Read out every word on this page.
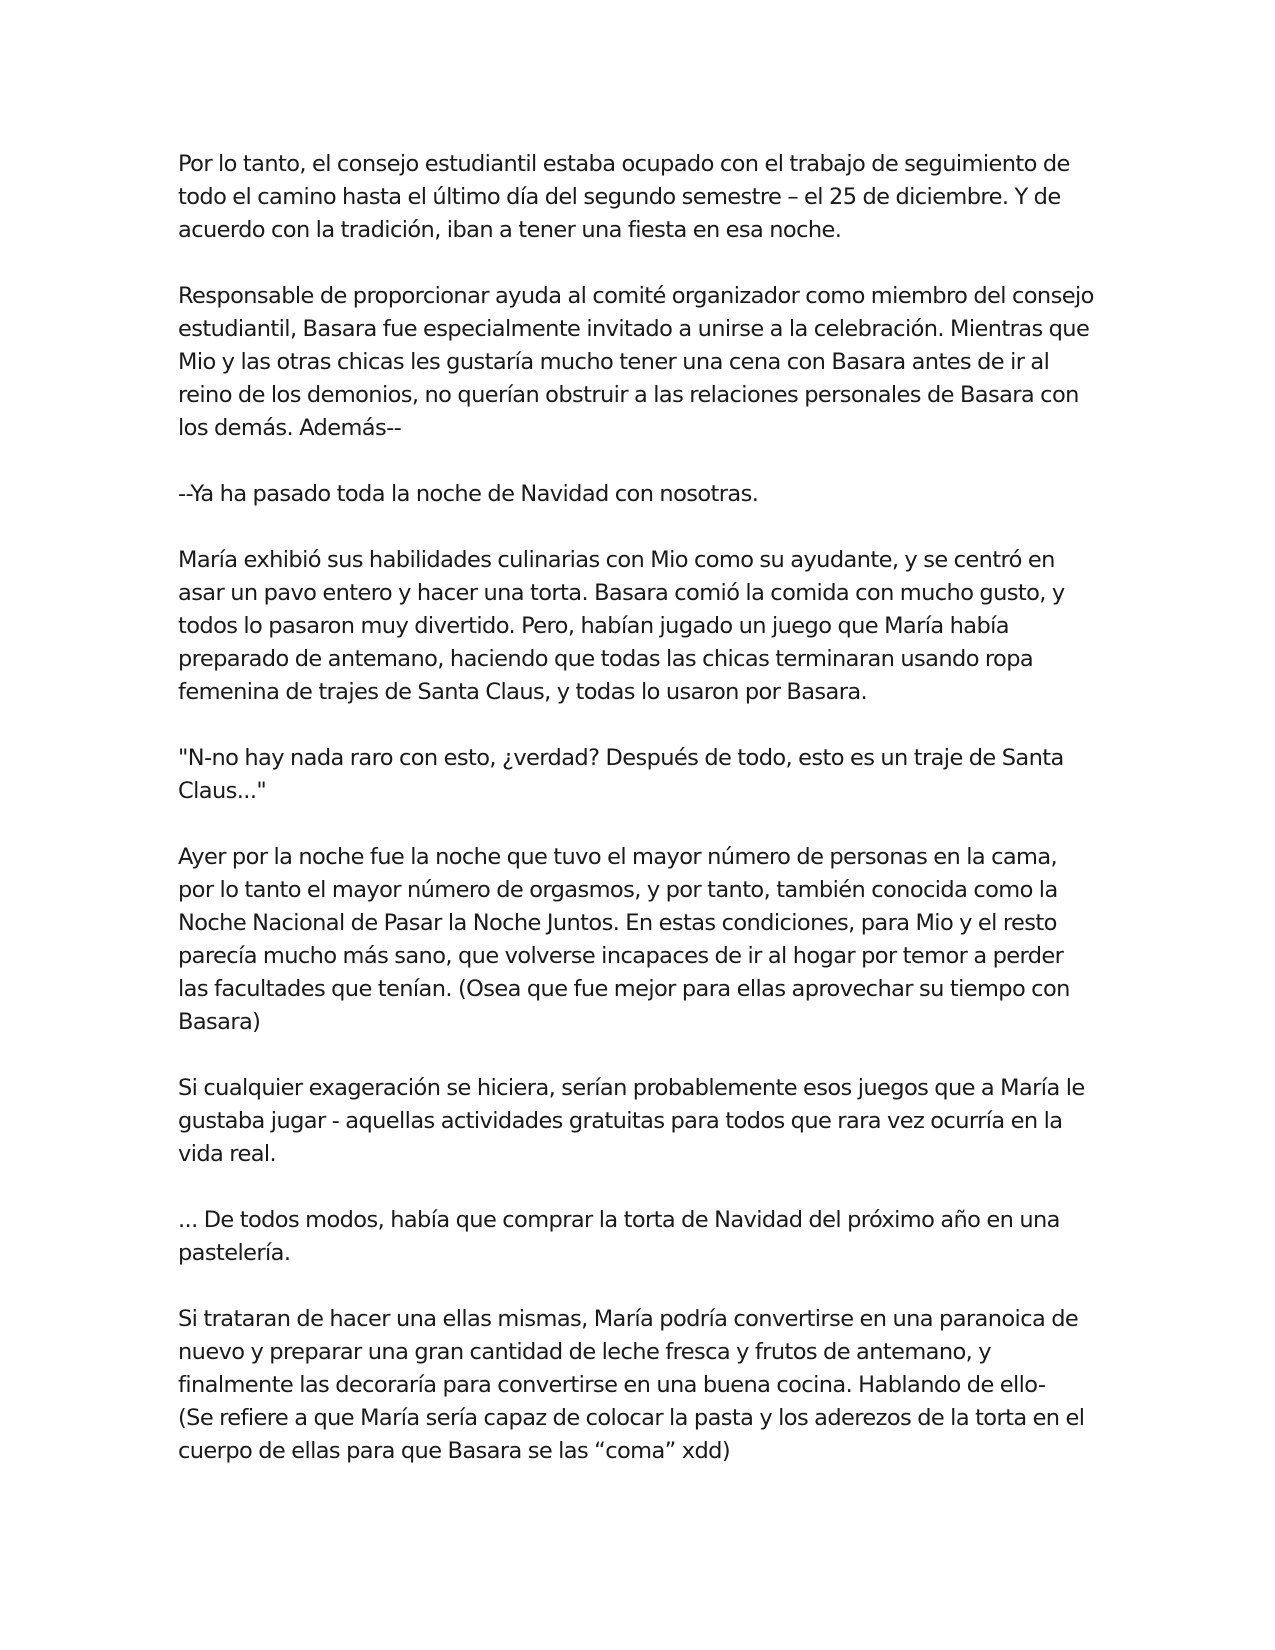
Por lo tanto, el consejo estudiantil estaba ocupado con el trabajo de seguimiento de todo el camino hasta el último día del segundo semestre – el 25 de diciembre. Y de acuerdo con la tradición, iban a tener una fiesta en esa noche.

Responsable de proporcionar ayuda al comité organizador como miembro del consejo estudiantil, Basara fue especialmente invitado a unirse a la celebración. Mientras que Mio y las otras chicas les gustaría mucho tener una cena con Basara antes de ir al reino de los demonios, no querían obstruir a las relaciones personales de Basara con los demás. Además--

--Ya ha pasado toda la noche de Navidad con nosotras.

María exhibió sus habilidades culinarias con Mio como su ayudante, y se centró en asar un pavo entero y hacer una torta. Basara comió la comida con mucho gusto, y todos lo pasaron muy divertido. Pero, habían jugado un juego que María había preparado de antemano, haciendo que todas las chicas terminaran usando ropa femenina de trajes de Santa Claus, y todas lo usaron por Basara.

"N-no hay nada raro con esto, ¿verdad? Después de todo, esto es un traje de Santa Claus..."

Ayer por la noche fue la noche que tuvo el mayor número de personas en la cama, por lo tanto el mayor número de orgasmos, y por tanto, también conocida como la Noche Nacional de Pasar la Noche Juntos. En estas condiciones, para Mio y el resto parecía mucho más sano, que volverse incapaces de ir al hogar por temor a perder las facultades que tenían. (Osea que fue mejor para ellas aprovechar su tiempo con Basara)

Si cualquier exageración se hiciera, serían probablemente esos juegos que a María le gustaba jugar - aquellas actividades gratuitas para todos que rara vez ocurría en la vida real.

... De todos modos, había que comprar la torta de Navidad del próximo año en una pastelería.

Si trataran de hacer una ellas mismas, María podría convertirse en una paranoica de nuevo y preparar una gran cantidad de leche fresca y frutos de antemano, y finalmente las decoraría para convertirse en una buena cocina. Hablando de ello-
(Se refiere a que María sería capaz de colocar la pasta y los aderezos de la torta en el cuerpo de ellas para que Basara se las “coma” xdd)
